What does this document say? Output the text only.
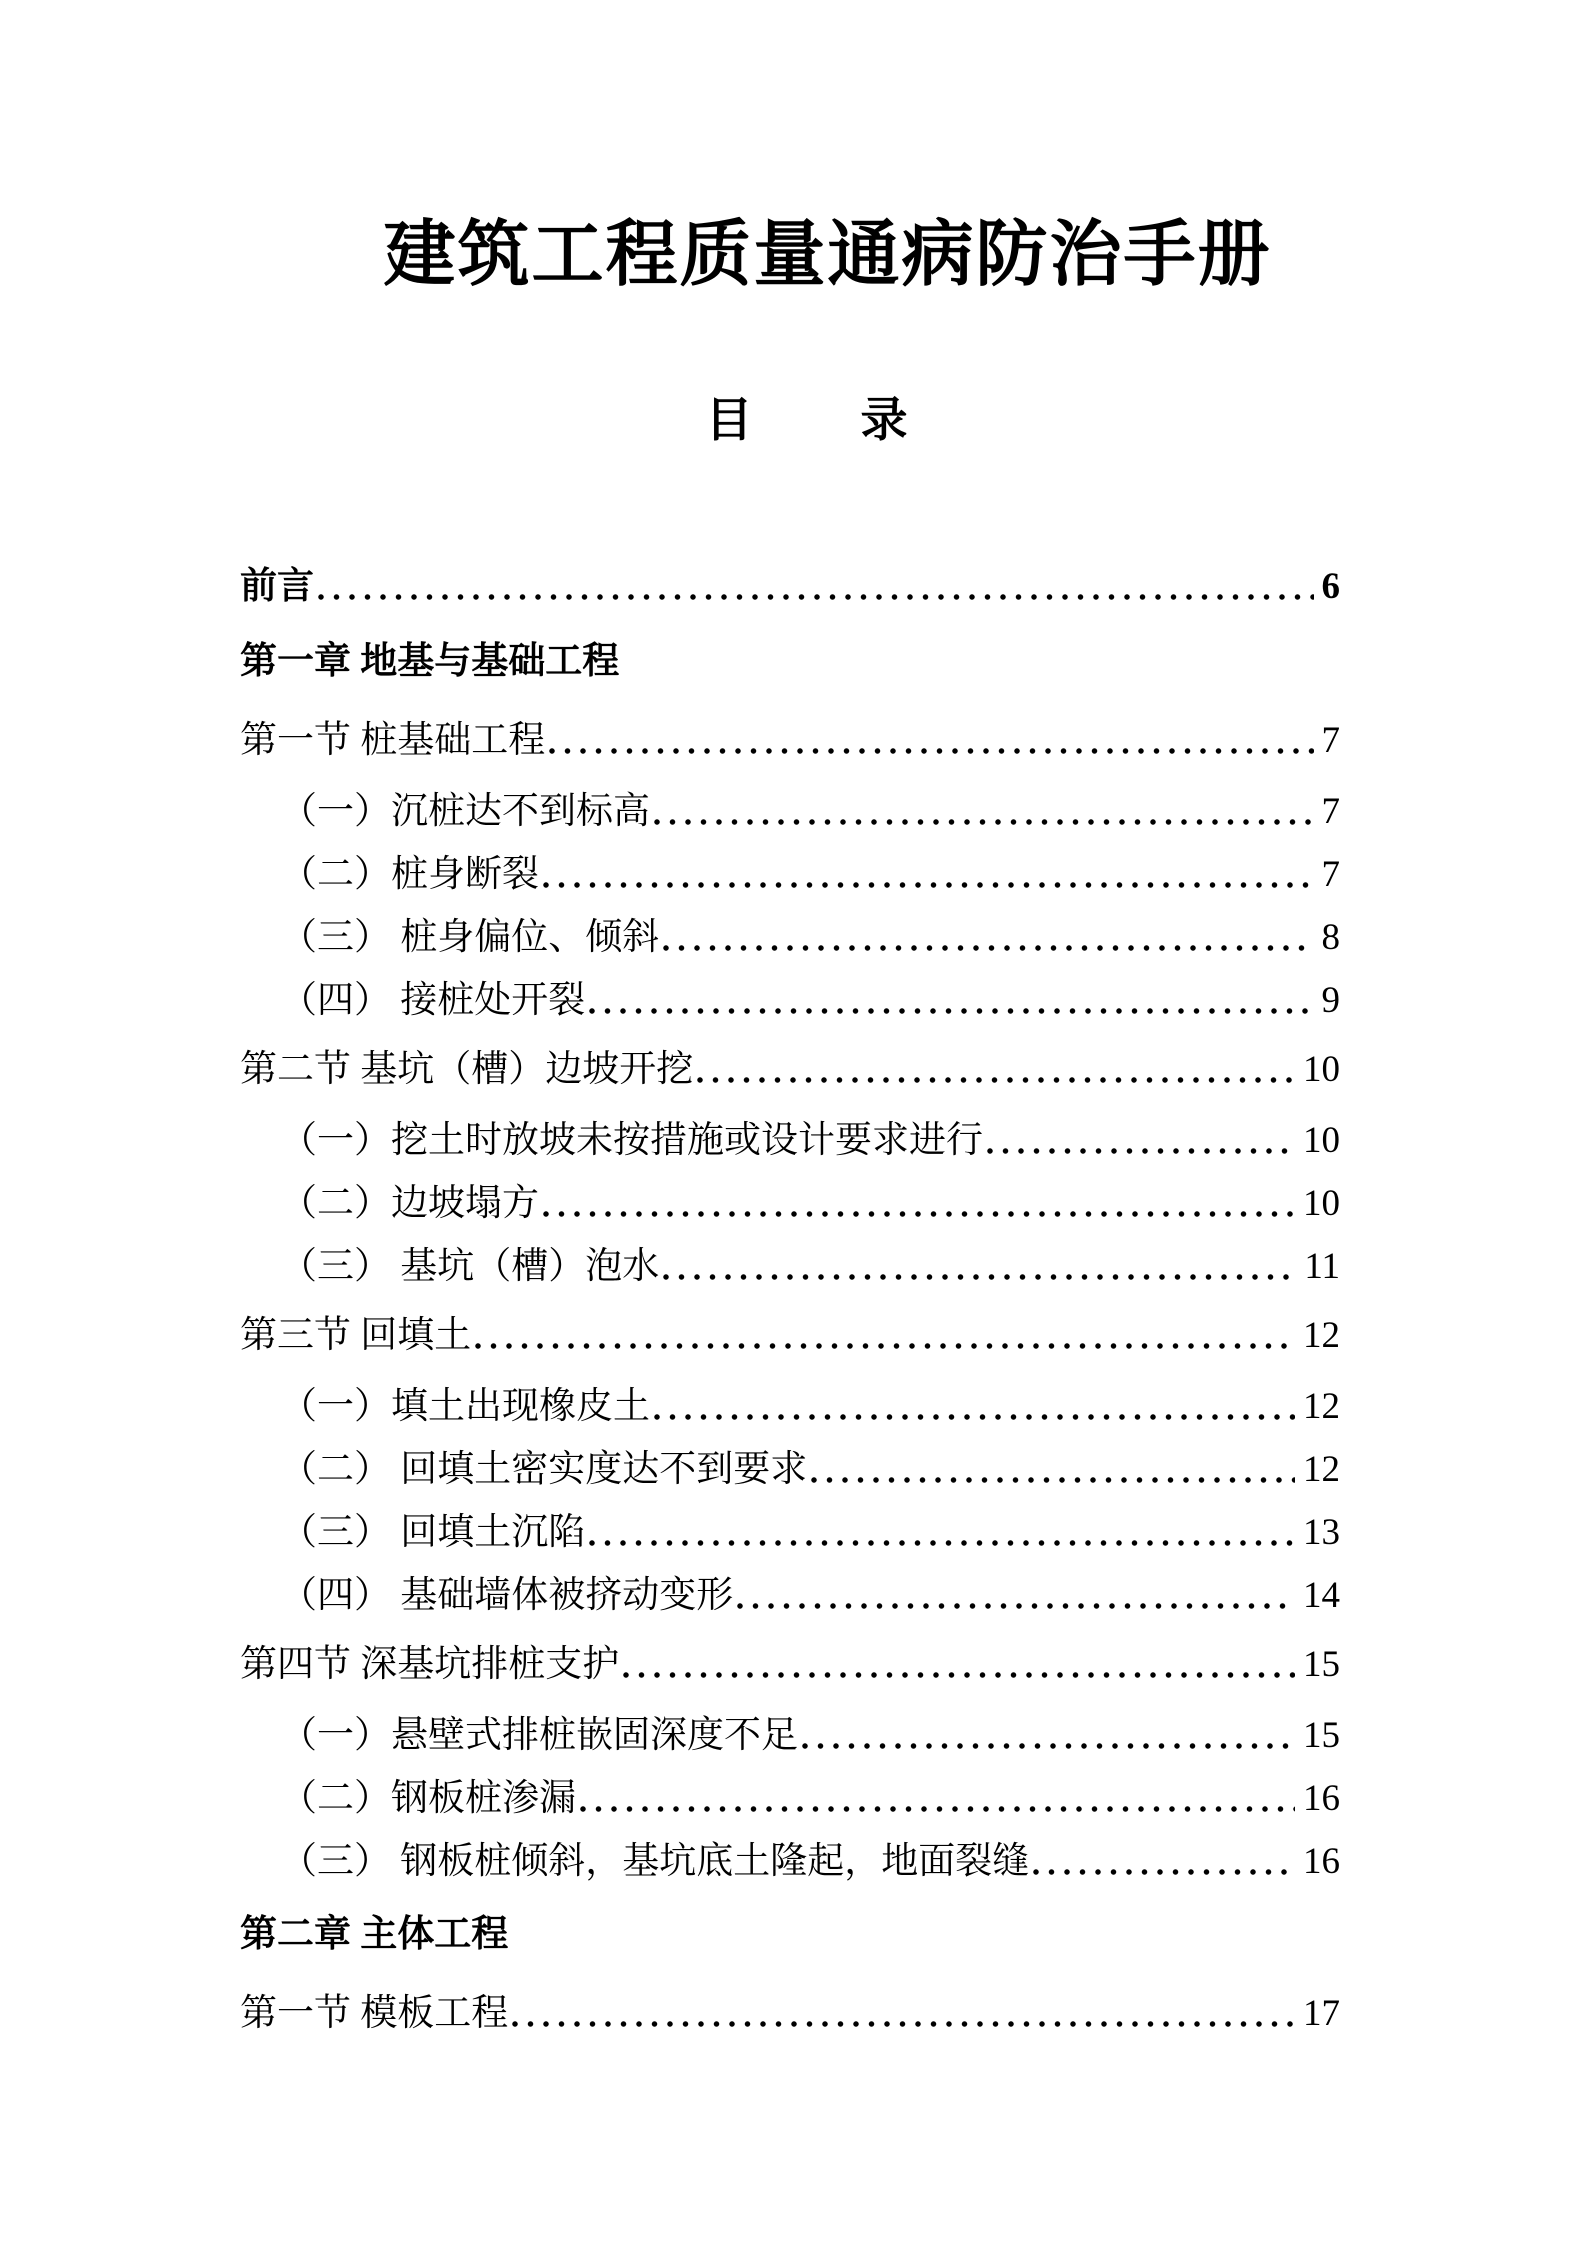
建筑工程质量通病防治手册
目 录
前言	6
第一章 地基与基础工程
第一节 桩基础工程	7
（一）沉桩达不到标高	7
（二）桩身断裂	7
（三） 桩身偏位、倾斜	8
（四） 接桩处开裂	9
第二节 基坑（槽）边坡开挖	10
（一）挖土时放坡未按措施或设计要求进行	10
（二）边坡塌方	10
（三） 基坑（槽）泡水	11
第三节 回填土	12
（一）填土出现橡皮土	12
（二） 回填土密实度达不到要求	12
（三） 回填土沉陷	13
（四） 基础墙体被挤动变形	14
第四节 深基坑排桩支护	15
（一）悬壁式排桩嵌固深度不足	15
（二）钢板桩渗漏	16
（三） 钢板桩倾斜，基坑底土隆起，地面裂缝	16
第二章 主体工程
第一节 模板工程	17
